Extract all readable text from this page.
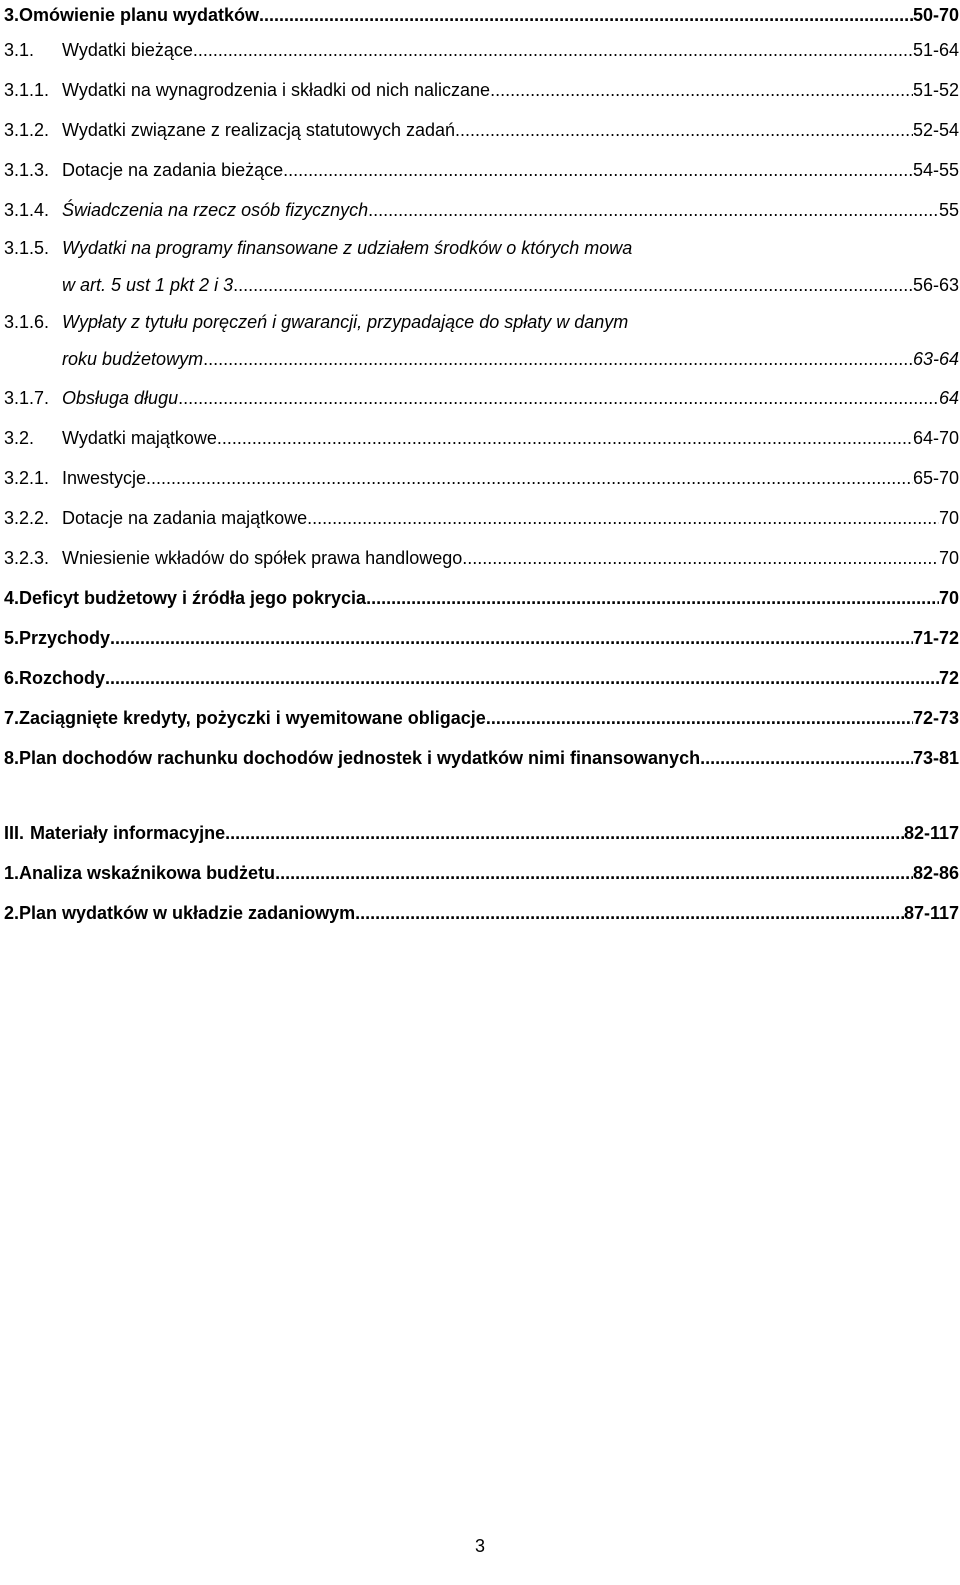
3. Omówienie planu wydatków .....	50-70
3.1.	Wydatki bieżące .....	51-64
3.1.1. Wydatki na wynagrodzenia i składki od nich naliczane .....	51-52
3.1.2. Wydatki związane z realizacją statutowych zadań .....	52-54
3.1.3. Dotacje na zadania bieżące .....	54-55
3.1.4. Świadczenia na rzecz osób fizycznych .....	55
3.1.5. Wydatki na programy finansowane z udziałem środków o których mowa
w art. 5 ust 1 pkt 2 i 3 .....	56-63
3.1.6. Wypłaty z tytułu poręczeń i gwarancji, przypadające do spłaty w danym
roku budżetowym .....	63-64
3.1.7. Obsługa długu .....	64
3.2.	Wydatki majątkowe .....	64-70
3.2.1. Inwestycje .....	65-70
3.2.2. Dotacje na zadania majątkowe .....	70
3.2.3. Wniesienie wkładów do spółek prawa handlowego .....	70
4. Deficyt budżetowy i źródła jego pokrycia .....	70
5. Przychody .....	71-72
6. Rozchody .....	72
7. Zaciągnięte kredyty, pożyczki i wyemitowane obligacje .....	72-73
8. Plan dochodów rachunku dochodów jednostek i wydatków nimi finansowanych .....	73-81
III. Materiały informacyjne .....	82-117
1. Analiza wskaźnikowa budżetu .....	82-86
2. Plan wydatków w układzie zadaniowym .....	87-117
3
